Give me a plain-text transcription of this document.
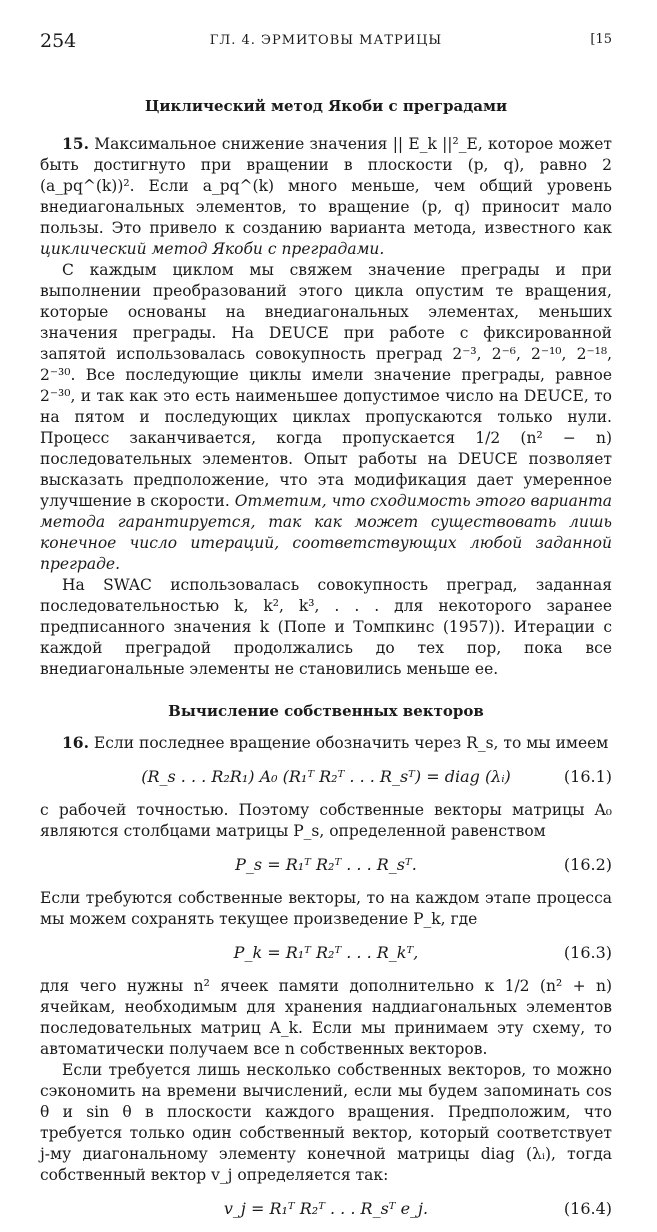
254	ГЛ. 4. ЭРМИТОВЫ МАТРИЦЫ	[15
Циклический метод Якоби с преградами

15. Максимальное снижение значения || E_k ||²_E, которое может быть достигнуто при вращении в плоскости (p, q), равно 2 (a_pq^(k))². Если a_pq^(k) много меньше, чем общий уровень внедиагональных элементов, то вращение (p, q) приносит мало пользы. Это привело к созданию варианта метода, известного как циклический метод Якоби с преградами.

С каждым циклом мы свяжем значение преграды и при выполнении преобразований этого цикла опустим те вращения, которые основаны на внедиагональных элементах, меньших значения преграды. На DEUCE при работе с фиксированной запятой использовалась совокупность преград 2⁻³, 2⁻⁶, 2⁻¹⁰, 2⁻¹⁸, 2⁻³⁰. Все последующие циклы имели значение преграды, равное 2⁻³⁰, и так как это есть наименьшее допустимое число на DEUCE, то на пятом и последующих циклах пропускаются только нули. Процесс заканчивается, когда пропускается 1/2 (n² − n) последовательных элементов. Опыт работы на DEUCE позволяет высказать предположение, что эта модификация дает умеренное улучшение в скорости. Отметим, что сходимость этого варианта метода гарантируется, так как может существовать лишь конечное число итераций, соответствующих любой заданной преграде.

На SWAC использовалась совокупность преград, заданная последовательностью k, k², k³, . . . для некоторого заранее предписанного значения k (Попе и Томпкинс (1957)). Итерации с каждой преградой продолжались до тех пор, пока все внедиагональные элементы не становились меньше ее.

Вычисление собственных векторов

16. Если последнее вращение обозначить через R_s, то мы имеем

(R_s . . . R₂R₁) A₀ (R₁ᵀ R₂ᵀ . . . R_sᵀ) = diag (λᵢ)	(16.1)

с рабочей точностью. Поэтому собственные векторы матрицы A₀ являются столбцами матрицы P_s, определенной равенством

P_s = R₁ᵀ R₂ᵀ . . . R_sᵀ.	(16.2)

Если требуются собственные векторы, то на каждом этапе процесса мы можем сохранять текущее произведение P_k, где

P_k = R₁ᵀ R₂ᵀ . . . R_kᵀ,	(16.3)

для чего нужны n² ячеек памяти дополнительно к 1/2 (n² + n) ячейкам, необходимым для хранения наддиагональных элементов последовательных матриц A_k. Если мы принимаем эту схему, то автоматически получаем все n собственных векторов.

Если требуется лишь несколько собственных векторов, то можно сэкономить на времени вычислений, если мы будем запоминать cos θ и sin θ в плоскости каждого вращения. Предположим, что требуется только один собственный вектор, который соответствует j-му диагональному элементу конечной матрицы diag (λᵢ), тогда собственный вектор v_j определяется так:

v_j = R₁ᵀ R₂ᵀ . . . R_sᵀ e_j.	(16.4)
